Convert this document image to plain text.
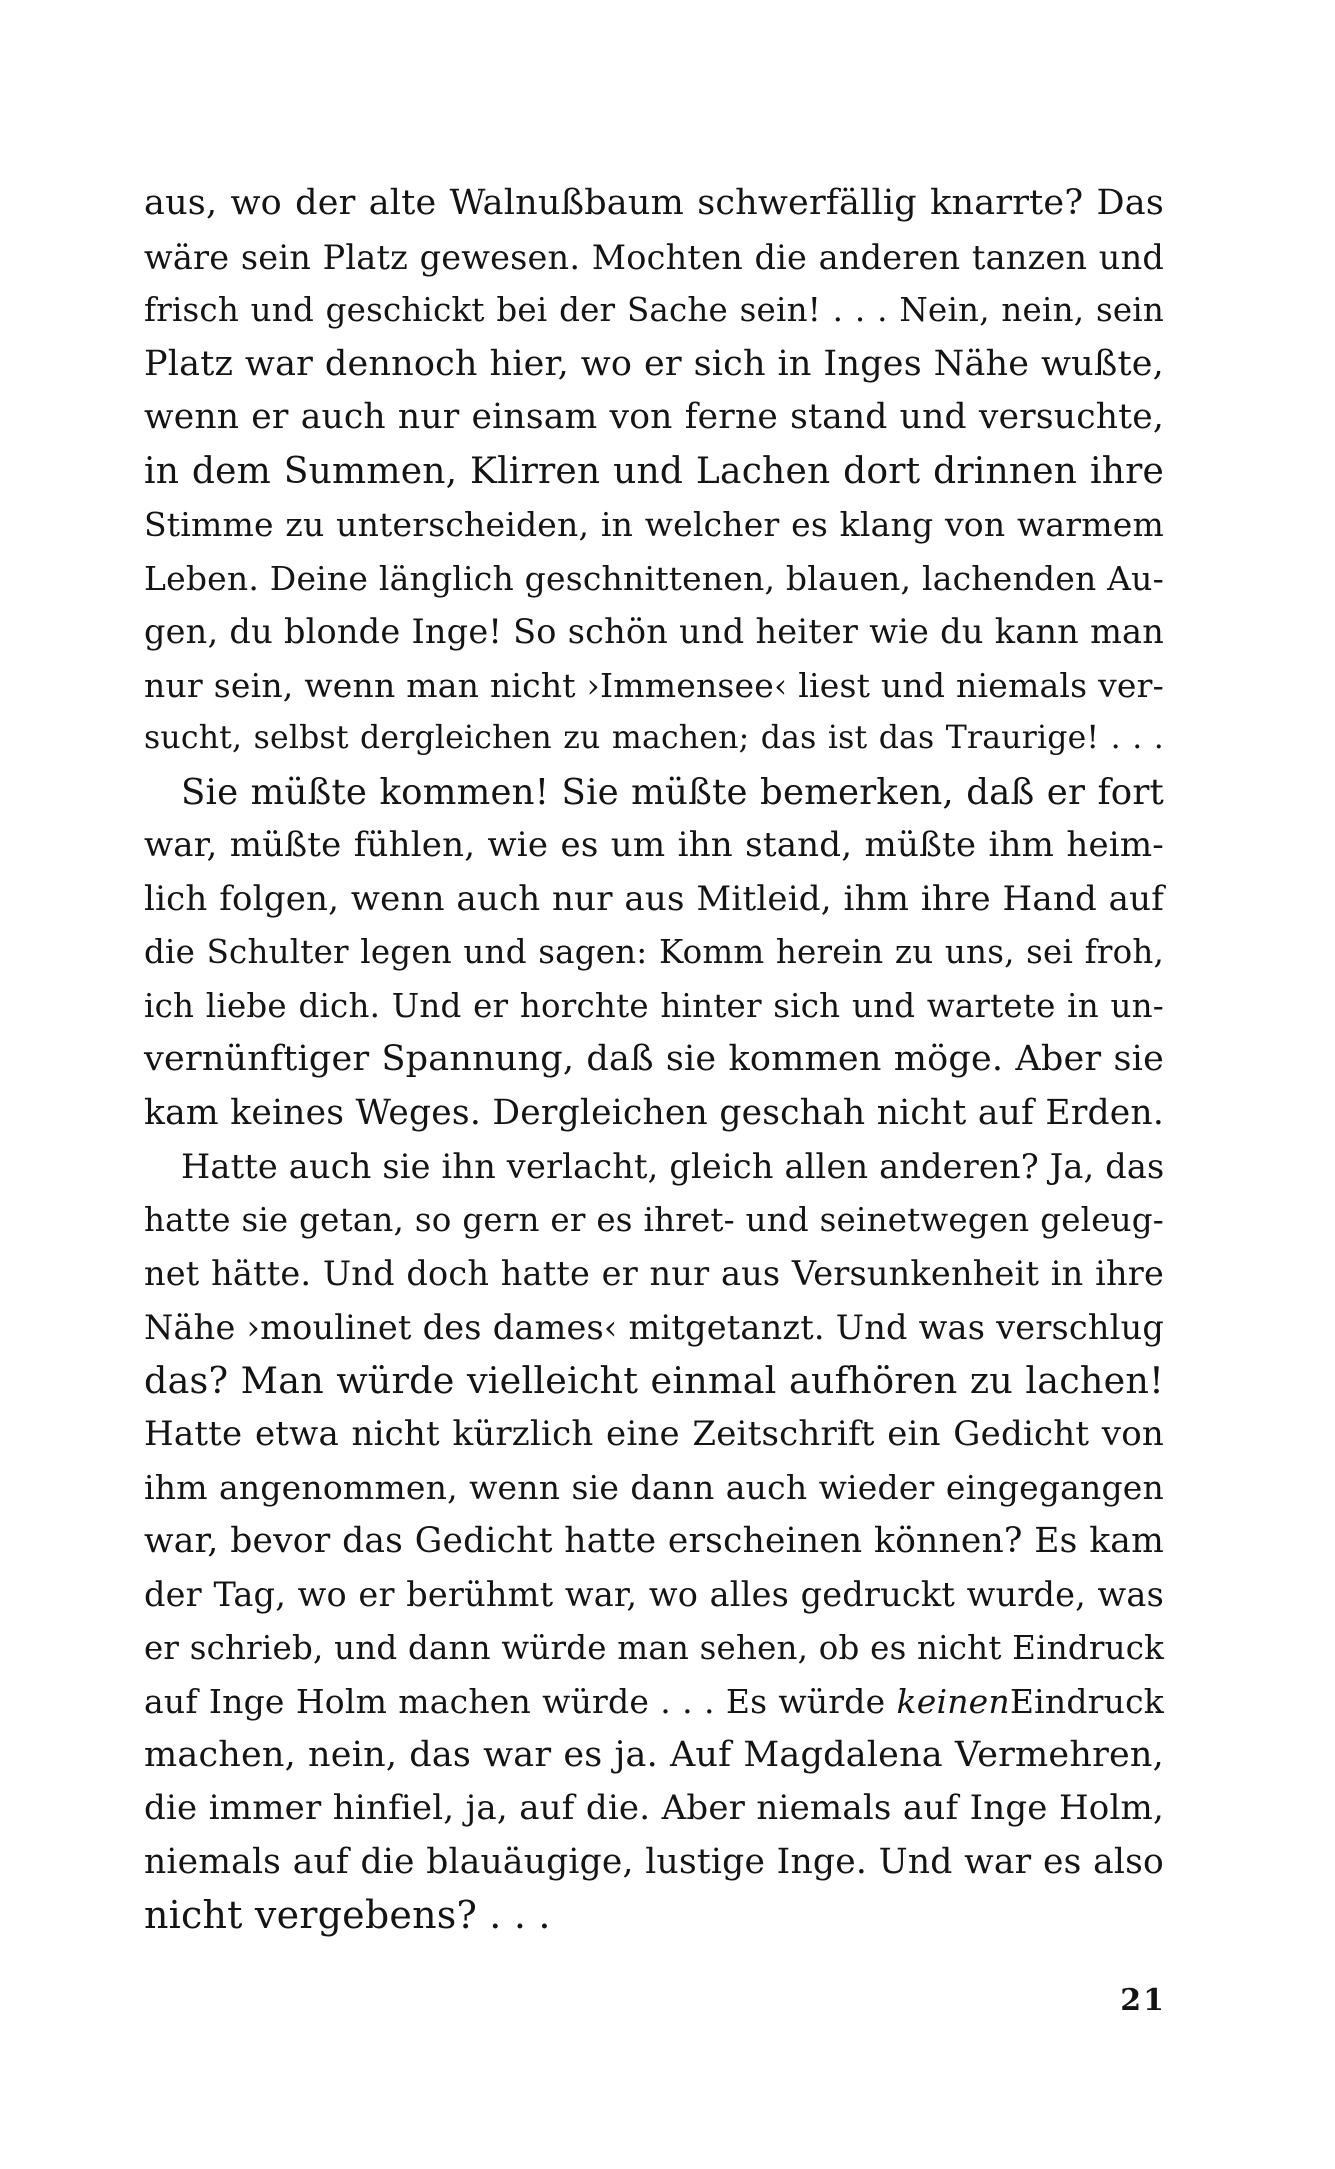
aus, wo der alte Walnußbaum schwerfällig knarrte? Das
wäre sein Platz gewesen. Mochten die anderen tanzen und
frisch und geschickt bei der Sache sein! . . . Nein, nein, sein
Platz war dennoch hier, wo er sich in Inges Nähe wußte,
wenn er auch nur einsam von ferne stand und versuchte,
in dem Summen, Klirren und Lachen dort drinnen ihre
Stimme zu unterscheiden, in welcher es klang von warmem
Leben. Deine länglich geschnittenen, blauen, lachenden Au-
gen, du blonde Inge! So schön und heiter wie du kann man
nur sein, wenn man nicht ›Immensee‹ liest und niemals ver-
sucht, selbst dergleichen zu machen; das ist das Traurige! . . .
Sie müßte kommen! Sie müßte bemerken, daß er fort
war, müßte fühlen, wie es um ihn stand, müßte ihm heim-
lich folgen, wenn auch nur aus Mitleid, ihm ihre Hand auf
die Schulter legen und sagen: Komm herein zu uns, sei froh,
ich liebe dich. Und er horchte hinter sich und wartete in un-
vernünftiger Spannung, daß sie kommen möge. Aber sie
kam keines Weges. Dergleichen geschah nicht auf Erden.
Hatte auch sie ihn verlacht, gleich allen anderen? Ja, das
hatte sie getan, so gern er es ihret- und seinetwegen geleug-
net hätte. Und doch hatte er nur aus Versunkenheit in ihre
Nähe ›moulinet des dames‹ mitgetanzt. Und was verschlug
das? Man würde vielleicht einmal aufhören zu lachen!
Hatte etwa nicht kürzlich eine Zeitschrift ein Gedicht von
ihm angenommen, wenn sie dann auch wieder eingegangen
war, bevor das Gedicht hatte erscheinen können? Es kam
der Tag, wo er berühmt war, wo alles gedruckt wurde, was
er schrieb, und dann würde man sehen, ob es nicht Eindruck
auf Inge Holm machen würde . . . Es würde keinenEindruck
machen, nein, das war es ja. Auf Magdalena Vermehren,
die immer hinfiel, ja, auf die. Aber niemals auf Inge Holm,
niemals auf die blauäugige, lustige Inge. Und war es also
nicht vergebens? . . .
21
